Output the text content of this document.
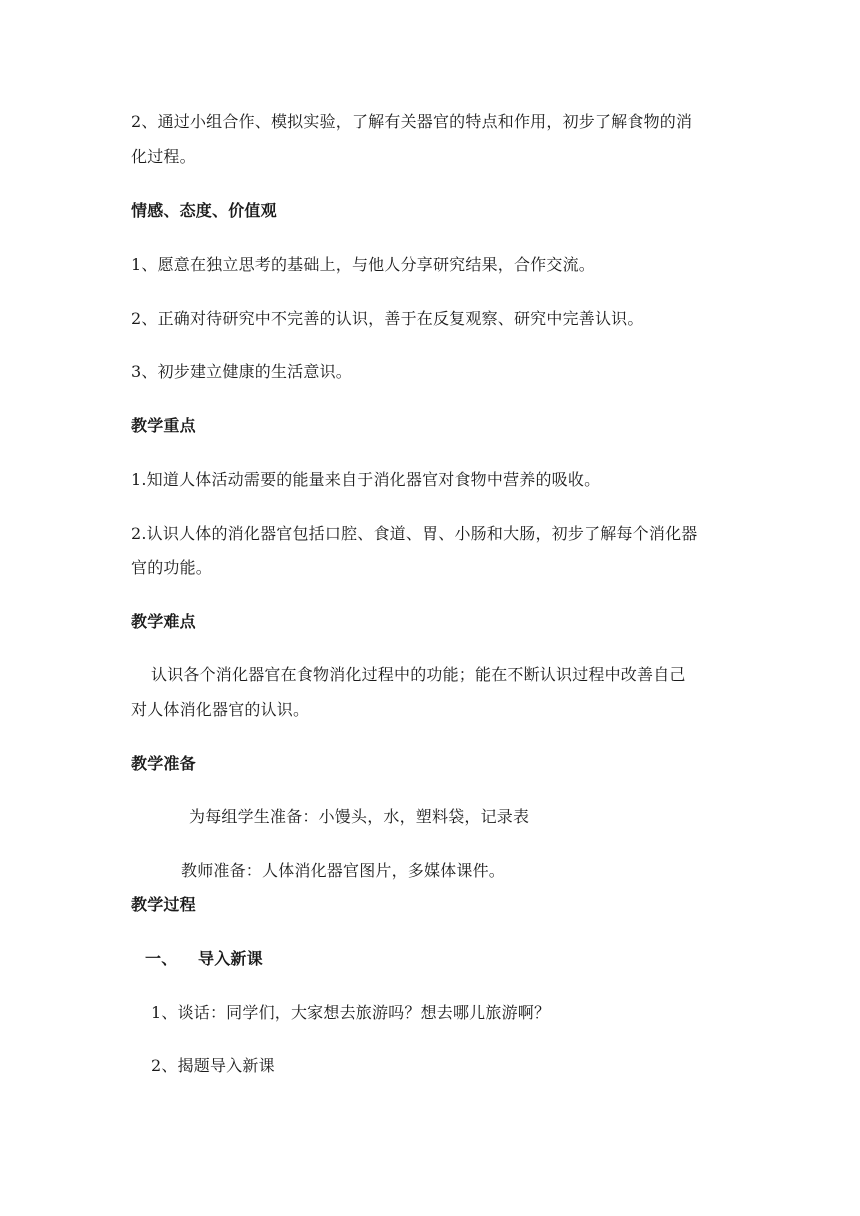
2、通过小组合作、模拟实验，了解有关器官的特点和作用，初步了解食物的消
化过程。
情感、态度、价值观
1、愿意在独立思考的基础上，与他人分享研究结果，合作交流。
2、正确对待研究中不完善的认识，善于在反复观察、研究中完善认识。
3、初步建立健康的生活意识。
教学重点
1.知道人体活动需要的能量来自于消化器官对食物中营养的吸收。
2.认识人体的消化器官包括口腔、食道、胃、小肠和大肠，初步了解每个消化器
官的功能。
教学难点
认识各个消化器官在食物消化过程中的功能；能在不断认识过程中改善自己
对人体消化器官的认识。
教学准备
为每组学生准备：小馒头，水，塑料袋，记录表
教师准备：人体消化器官图片，多媒体课件。
教学过程
一、	导入新课
1、谈话：同学们，大家想去旅游吗？想去哪儿旅游啊？
2、揭题导入新课
